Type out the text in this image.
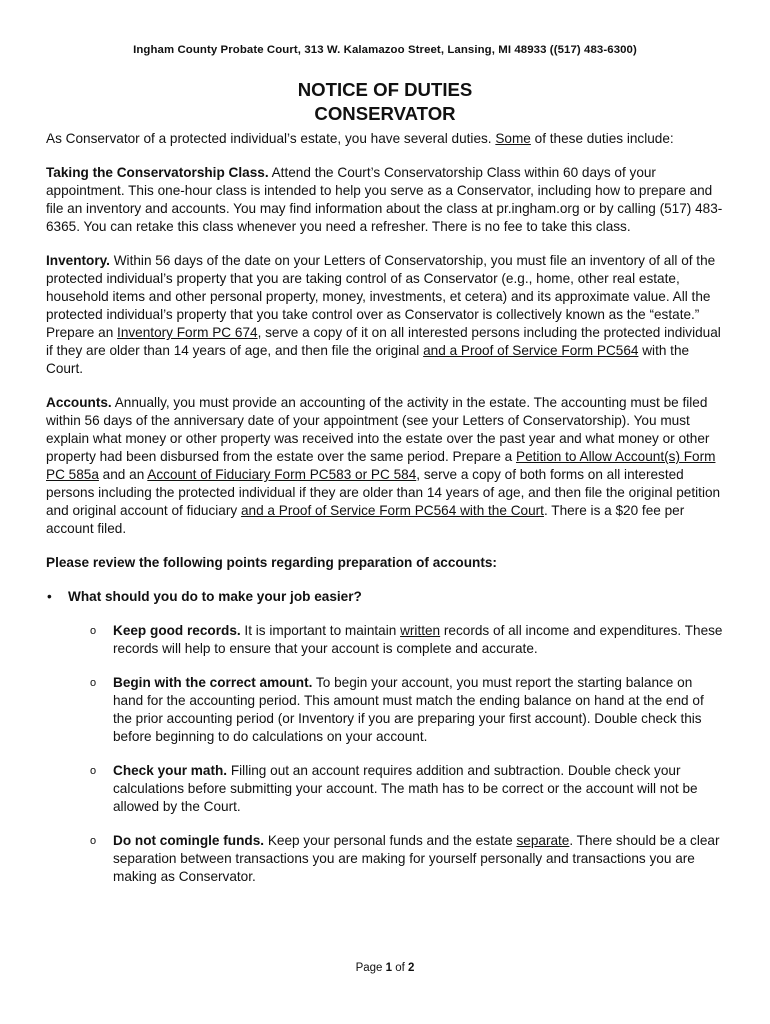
Ingham County Probate Court, 313 W. Kalamazoo Street, Lansing, MI 48933 ((517) 483-6300)
NOTICE OF DUTIES
CONSERVATOR

As Conservator of a protected individual’s estate, you have several duties. Some of these duties include:

Taking the Conservatorship Class. Attend the Court’s Conservatorship Class within 60 days of your appointment. This one-hour class is intended to help you serve as a Conservator, including how to prepare and file an inventory and accounts. You may find information about the class at pr.ingham.org or by calling (517) 483-6365. You can retake this class whenever you need a refresher. There is no fee to take this class.

Inventory. Within 56 days of the date on your Letters of Conservatorship, you must file an inventory of all of the protected individual’s property that you are taking control of as Conservator (e.g., home, other real estate, household items and other personal property, money, investments, et cetera) and its approximate value. All the protected individual’s property that you take control over as Conservator is collectively known as the “estate.” Prepare an Inventory Form PC 674, serve a copy of it on all interested persons including the protected individual if they are older than 14 years of age, and then file the original and a Proof of Service Form PC564 with the Court.

Accounts. Annually, you must provide an accounting of the activity in the estate. The accounting must be filed within 56 days of the anniversary date of your appointment (see your Letters of Conservatorship). You must explain what money or other property was received into the estate over the past year and what money or other property had been disbursed from the estate over the same period. Prepare a Petition to Allow Account(s) Form PC 585a and an Account of Fiduciary Form PC583 or PC 584, serve a copy of both forms on all interested persons including the protected individual if they are older than 14 years of age, and then file the original petition and original account of fiduciary and a Proof of Service Form PC564 with the Court. There is a $20 fee per account filed.

Please review the following points regarding preparation of accounts:
• What should you do to make your job easier?
o Keep good records. It is important to maintain written records of all income and expenditures. These records will help to ensure that your account is complete and accurate.
o Begin with the correct amount. To begin your account, you must report the starting balance on hand for the accounting period. This amount must match the ending balance on hand at the end of the prior accounting period (or Inventory if you are preparing your first account). Double check this before beginning to do calculations on your account.
o Check your math. Filling out an account requires addition and subtraction. Double check your calculations before submitting your account. The math has to be correct or the account will not be allowed by the Court.
o Do not comingle funds. Keep your personal funds and the estate separate. There should be a clear separation between transactions you are making for yourself personally and transactions you are making as Conservator.
Page 1 of 2
